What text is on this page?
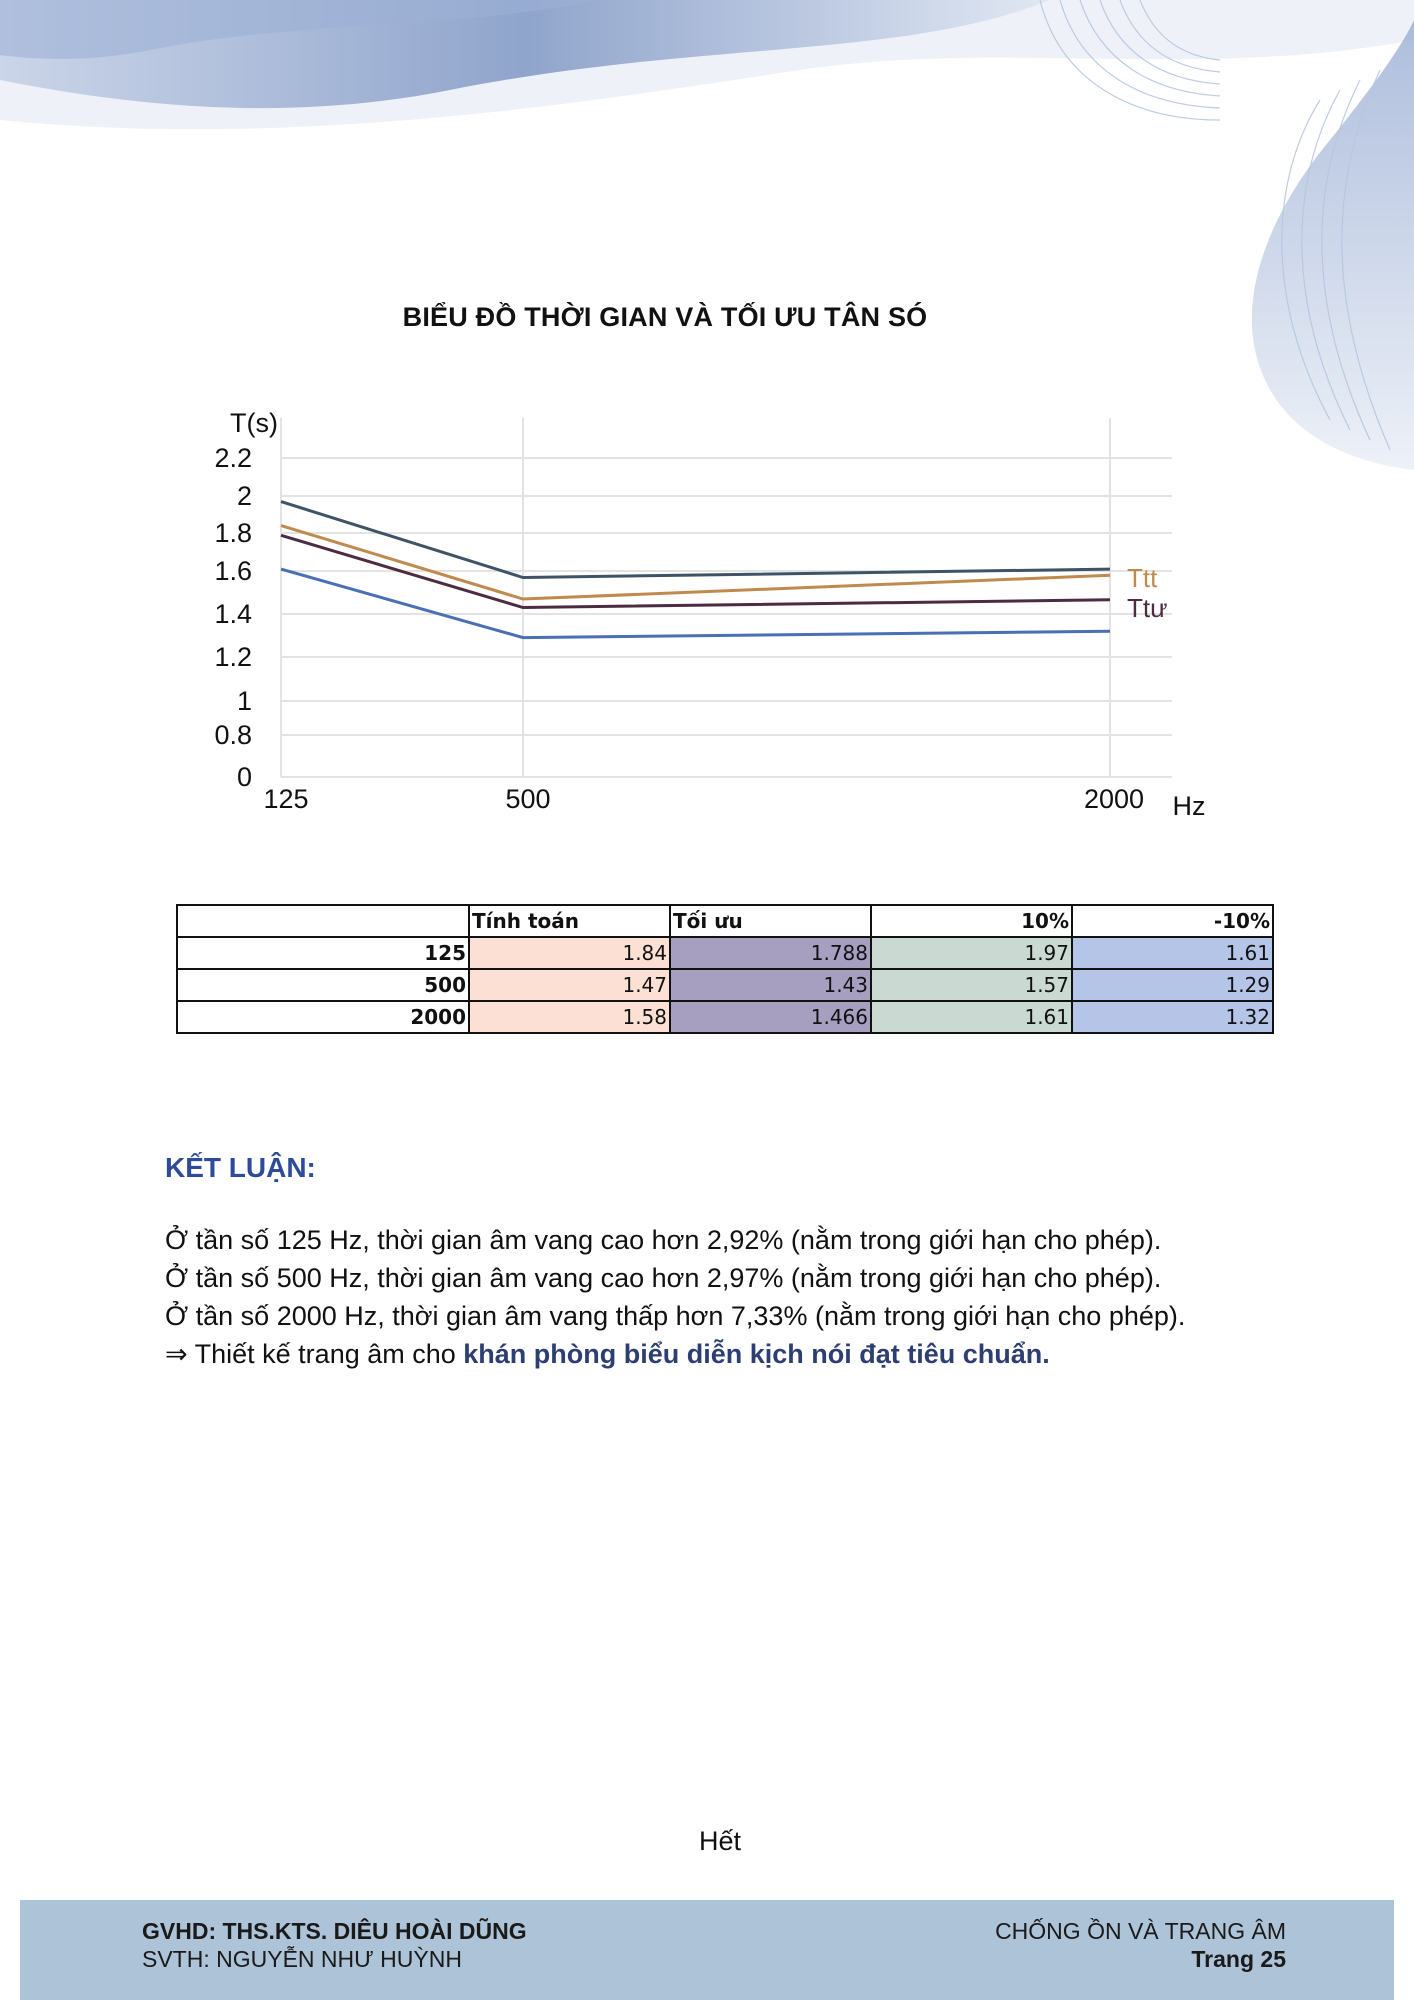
BIỂU ĐỒ THỜI GIAN VÀ TỐI ƯU TÂN SÓ
2.2
2
1.8
1.6
1.4
1.2
1
0.8
0
T(s)
125	500	2000 Hz
Ttt
Ttư
	Tính toán	Tối ưu	10%	-10%
125	1.84	1.788	1.97	1.61
500	1.47	1.43	1.57	1.29
2000	1.58	1.466	1.61	1.32
KẾT LUẬN:
Ở tần số 125 Hz, thời gian âm vang cao hơn 2,92% (nằm trong giới hạn cho phép).
Ở tần số 500 Hz, thời gian âm vang cao hơn 2,97% (nằm trong giới hạn cho phép).
Ở tần số 2000 Hz, thời gian âm vang thấp hơn 7,33% (nằm trong giới hạn cho phép).
⇒ Thiết kế trang âm cho khán phòng biểu diễn kịch nói đạt tiêu chuẩn.
Hết
GVHD: THS.KTS. DIÊU HOÀI DŨNG
SVTH: NGUYỄN NHƯ HUỲNH
CHỐNG ỒN VÀ TRANG ÂM
Trang 25
